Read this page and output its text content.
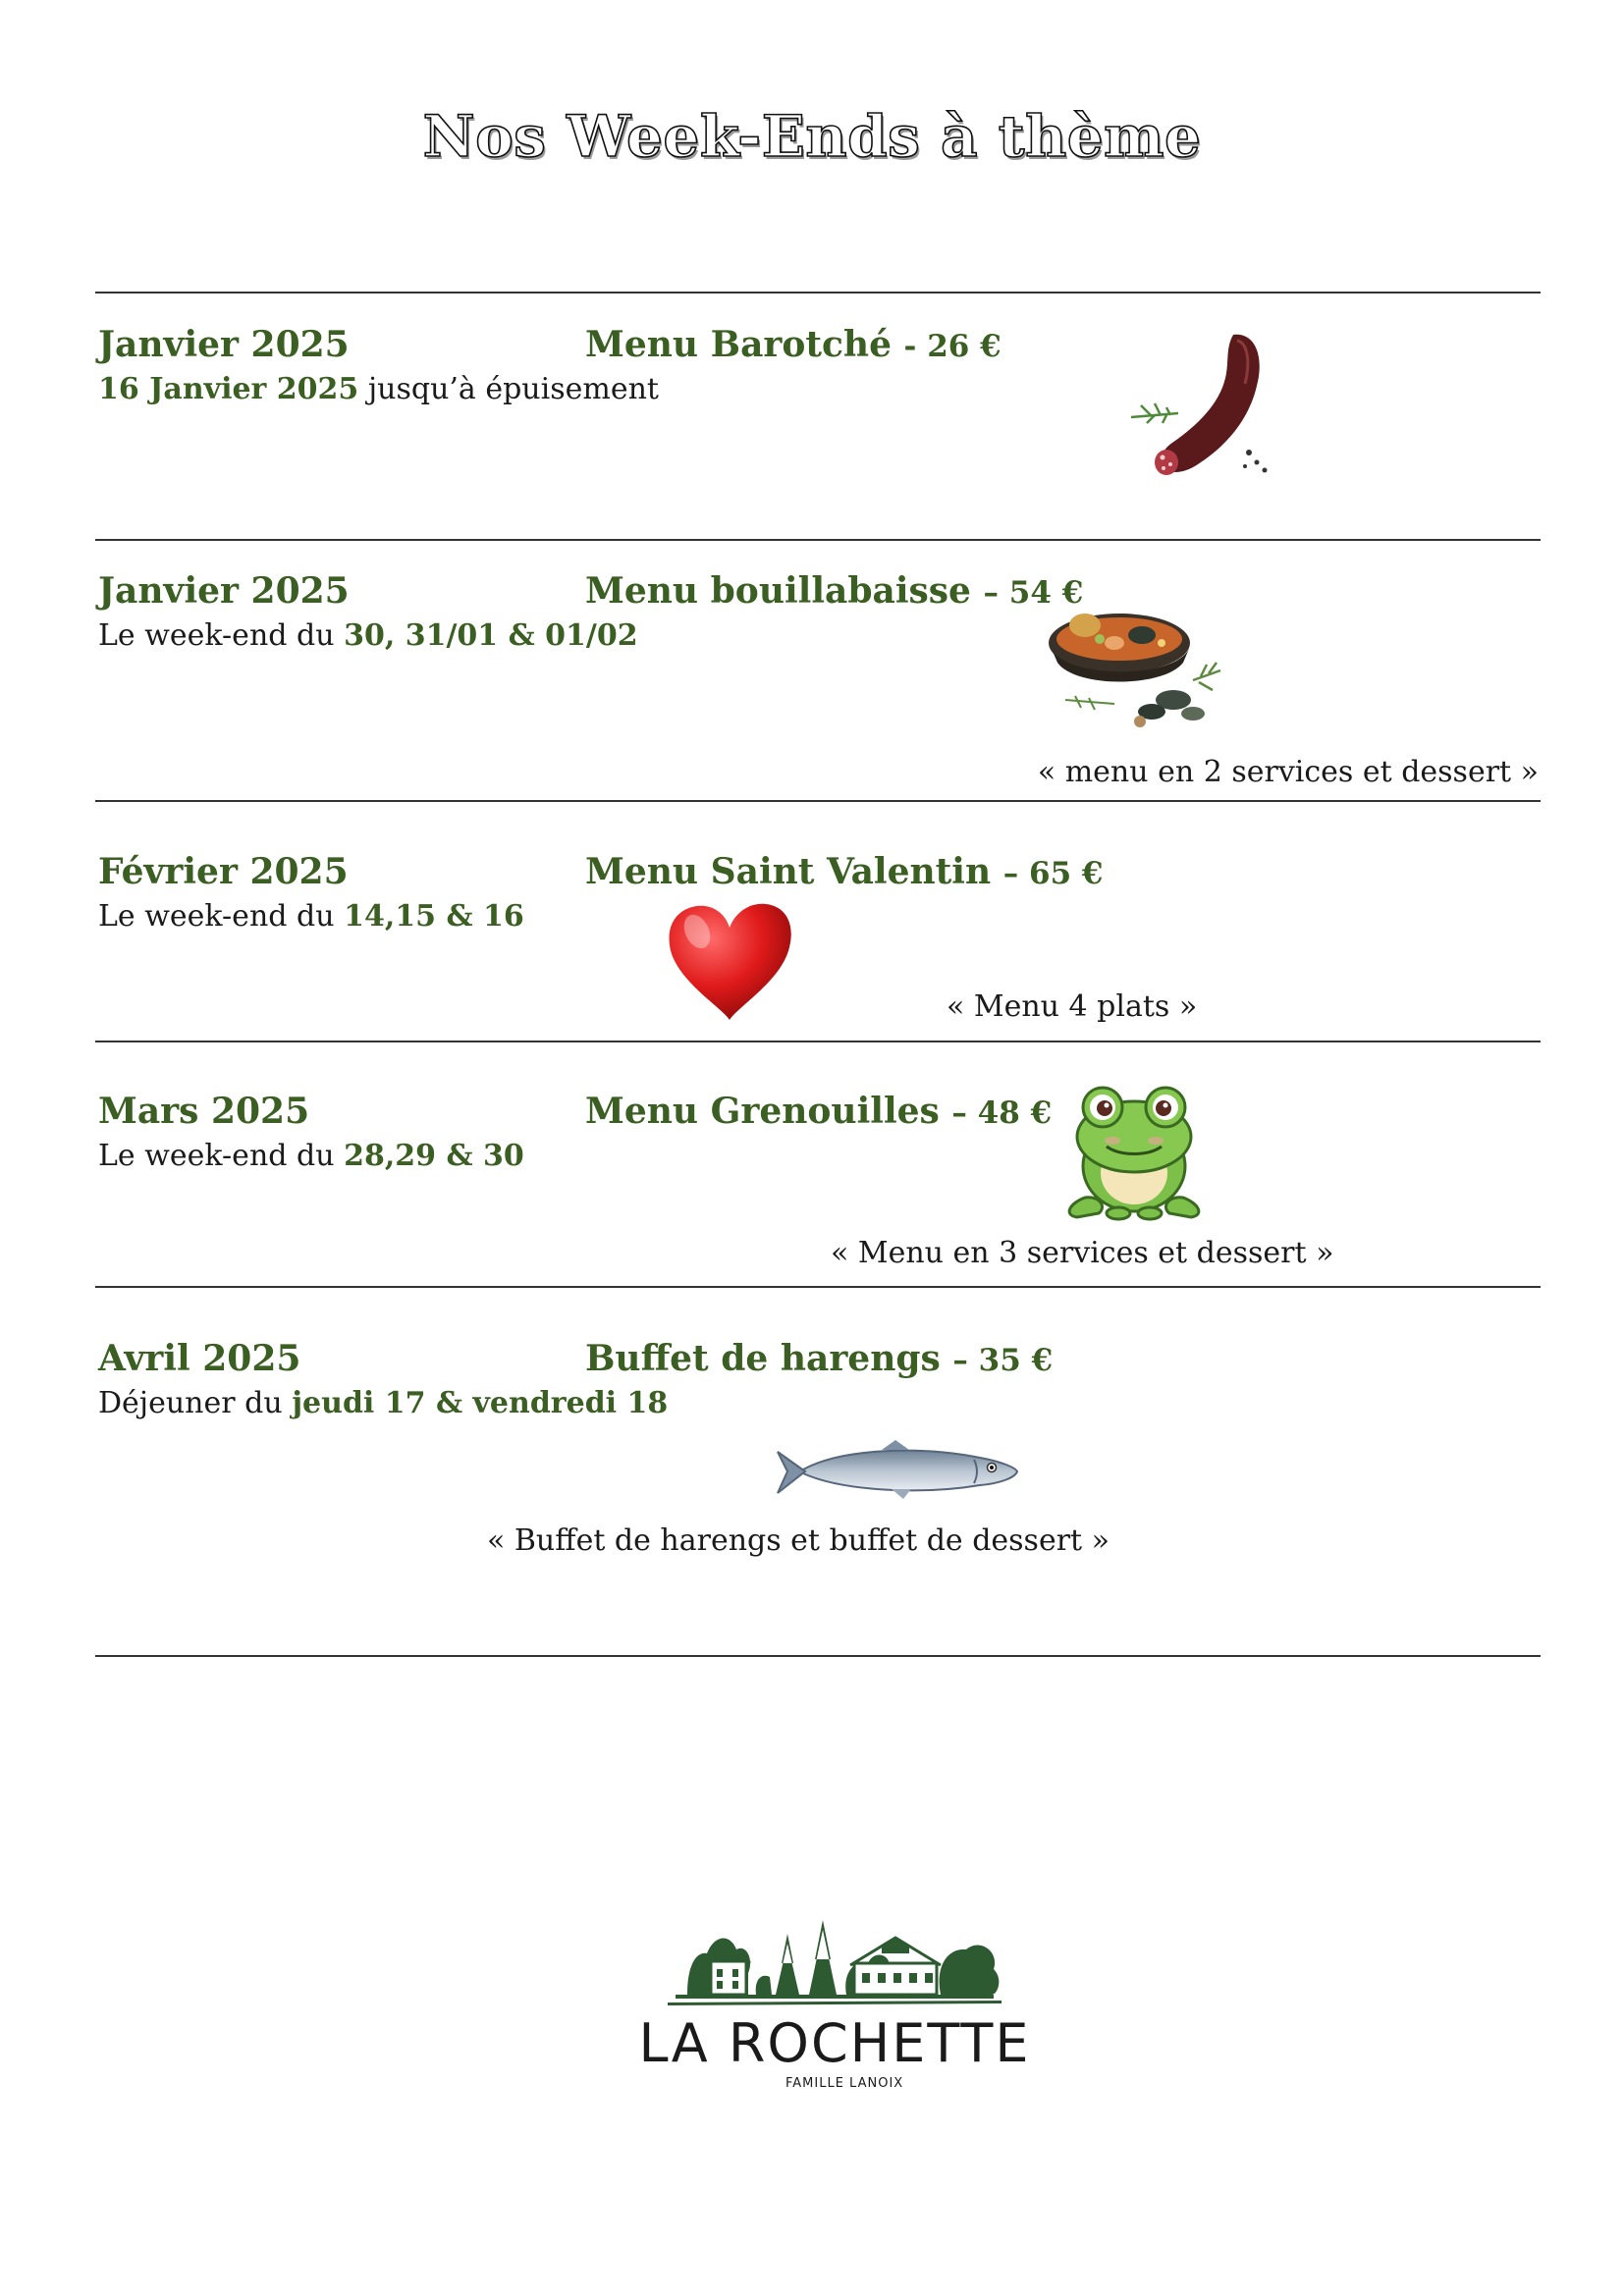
Nos Week-Ends à thème
Janvier 2025	Menu Barotché - 26 €
16 Janvier 2025 jusqu’à épuisement
Janvier 2025	Menu bouillabaisse – 54 €
Le week-end du 30, 31/01 & 01/02
« menu en 2 services et dessert »
Février 2025	Menu Saint Valentin – 65 €
Le week-end du 14,15 & 16
« Menu 4 plats »
Mars 2025	Menu Grenouilles – 48 €
Le week-end du 28,29 & 30
« Menu en 3 services et dessert »
Avril 2025	Buffet de harengs – 35 €
Déjeuner du jeudi 17 & vendredi 18
« Buffet de harengs et buffet de dessert »
LA ROCHETTE
FAMILLE LANOIX
